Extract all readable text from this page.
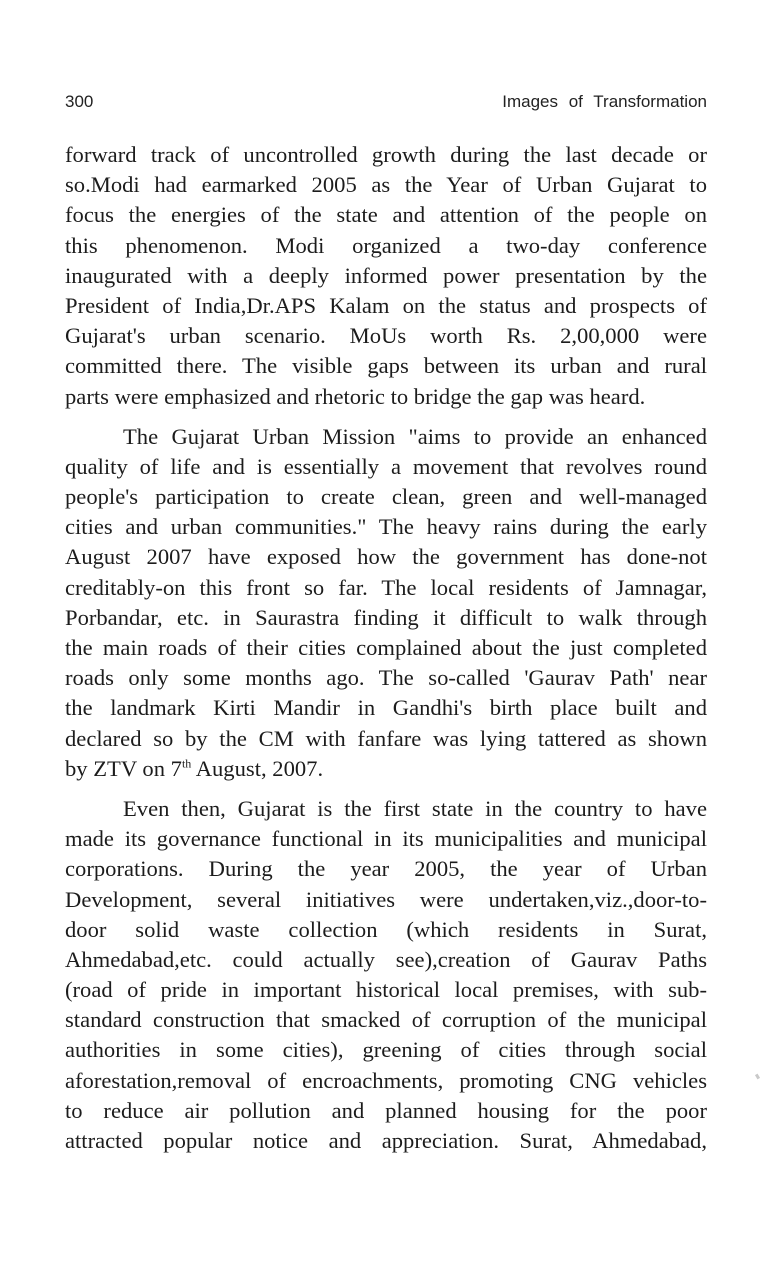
300	Images of Transformation
forward track of uncontrolled growth during the last decade or
so.Modi had earmarked 2005 as the Year of Urban Gujarat to
focus the energies of the state and attention of the people on
this phenomenon. Modi organized a two-day conference
inaugurated with a deeply informed power presentation by the
President of India,Dr.APS Kalam on the status and prospects of
Gujarat's urban scenario. MoUs worth Rs. 2,00,000 were
committed there. The visible gaps between its urban and rural
parts were emphasized and rhetoric to bridge the gap was heard.
The Gujarat Urban Mission "aims to provide an enhanced
quality of life and is essentially a movement that revolves round
people's participation to create clean, green and well-managed
cities and urban communities." The heavy rains during the early
August 2007 have exposed how the government has done-not
creditably-on this front so far. The local residents of Jamnagar,
Porbandar, etc. in Saurastra finding it difficult to walk through
the main roads of their cities complained about the just completed
roads only some months ago. The so-called 'Gaurav Path' near
the landmark Kirti Mandir in Gandhi's birth place built and
declared so by the CM with fanfare was lying tattered as shown
by ZTV on 7th August, 2007.
Even then, Gujarat is the first state in the country to have
made its governance functional in its municipalities and municipal
corporations. During the year 2005, the year of Urban
Development, several initiatives were undertaken,viz.,door-to-
door solid waste collection (which residents in Surat,
Ahmedabad,etc. could actually see),creation of Gaurav Paths
(road of pride in important historical local premises, with sub-
standard construction that smacked of corruption of the municipal
authorities in some cities), greening of cities through social
aforestation,removal of encroachments, promoting CNG vehicles
to reduce air pollution and planned housing for the poor
attracted popular notice and appreciation. Surat, Ahmedabad,
